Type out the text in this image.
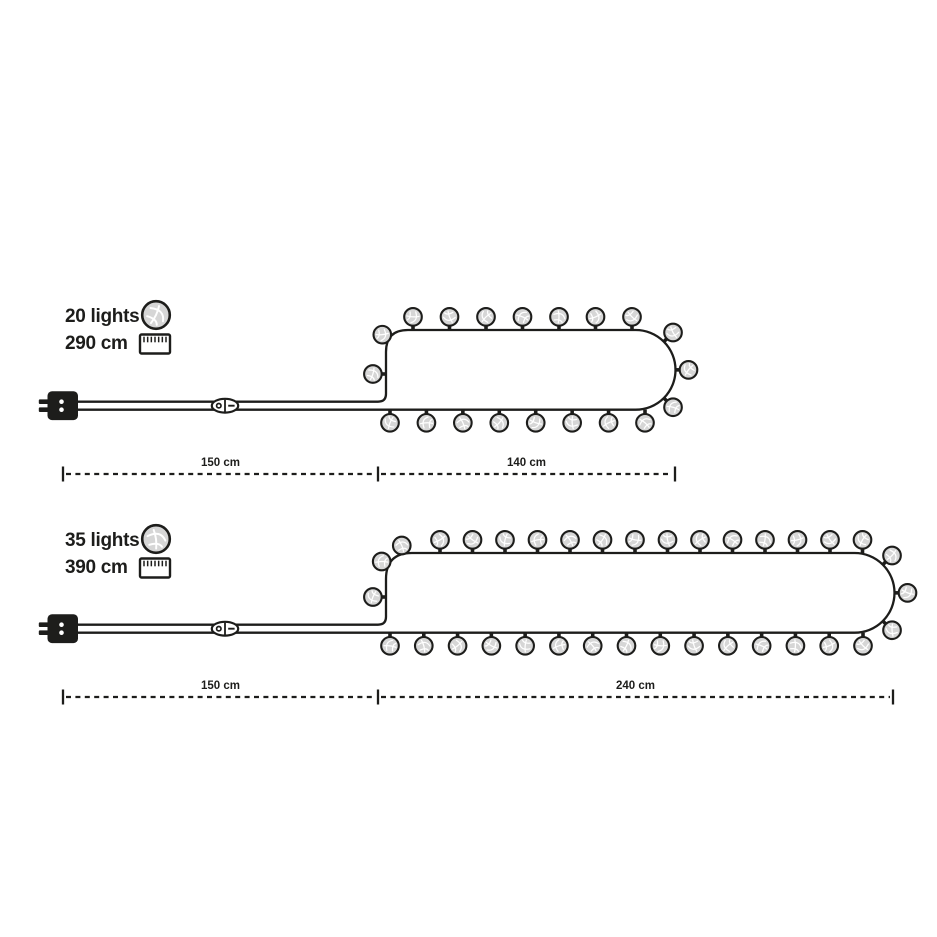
20 lights
290 cm
150 cm	140 cm
35 lights
390 cm
150 cm	240 cm
